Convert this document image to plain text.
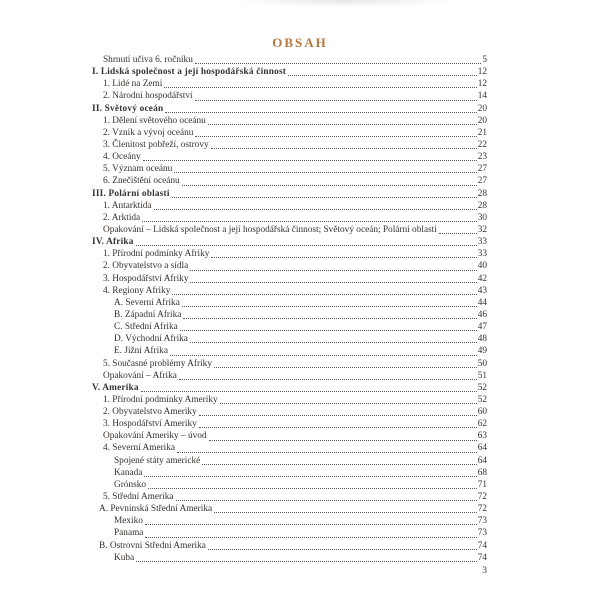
OBSAH
Shrnutí učiva 6. ročníku	5
I. Lidská společnost a její hospodářská činnost	12
1. Lidé na Zemi	12
2. Národní hospodářství	14
II. Světový oceán	20
1. Dělení světového oceánu	20
2. Vznik a vývoj oceánu	21
3. Členitost pobřeží, ostrovy	22
4. Oceány	23
5. Význam oceánu	27
6. Znečištění oceánu	27
III. Polární oblasti	28
1. Antarktida	28
2. Arktida	30
Opakování – Lidská společnost a její hospodářská činnost; Světový oceán; Polární oblasti	32
IV. Afrika	33
1. Přírodní podmínky Afriky	33
2. Obyvatelstvo a sídla	40
3. Hospodářství Afriky	42
4. Regiony Afriky	43
A. Severní Afrika	44
B. Západní Afrika	46
C. Střední Afrika	47
D. Východní Afrika	48
E. Jižní Afrika	49
5. Současné problémy Afriky	50
Opakování – Afrika	51
V. Amerika	52
1. Přírodní podmínky Ameriky	52
2. Obyvatelstvo Ameriky	60
3. Hospodářství Ameriky	62
Opakování Ameriky – úvod	63
4. Severní Amerika	64
Spojené státy americké	64
Kanada	68
Grónsko	71
5. Střední Amerika	72
A. Pevninská Střední Amerika	72
Mexiko	73
Panama	73
B. Ostrovní Střední Amerika	74
Kuba	74
3
